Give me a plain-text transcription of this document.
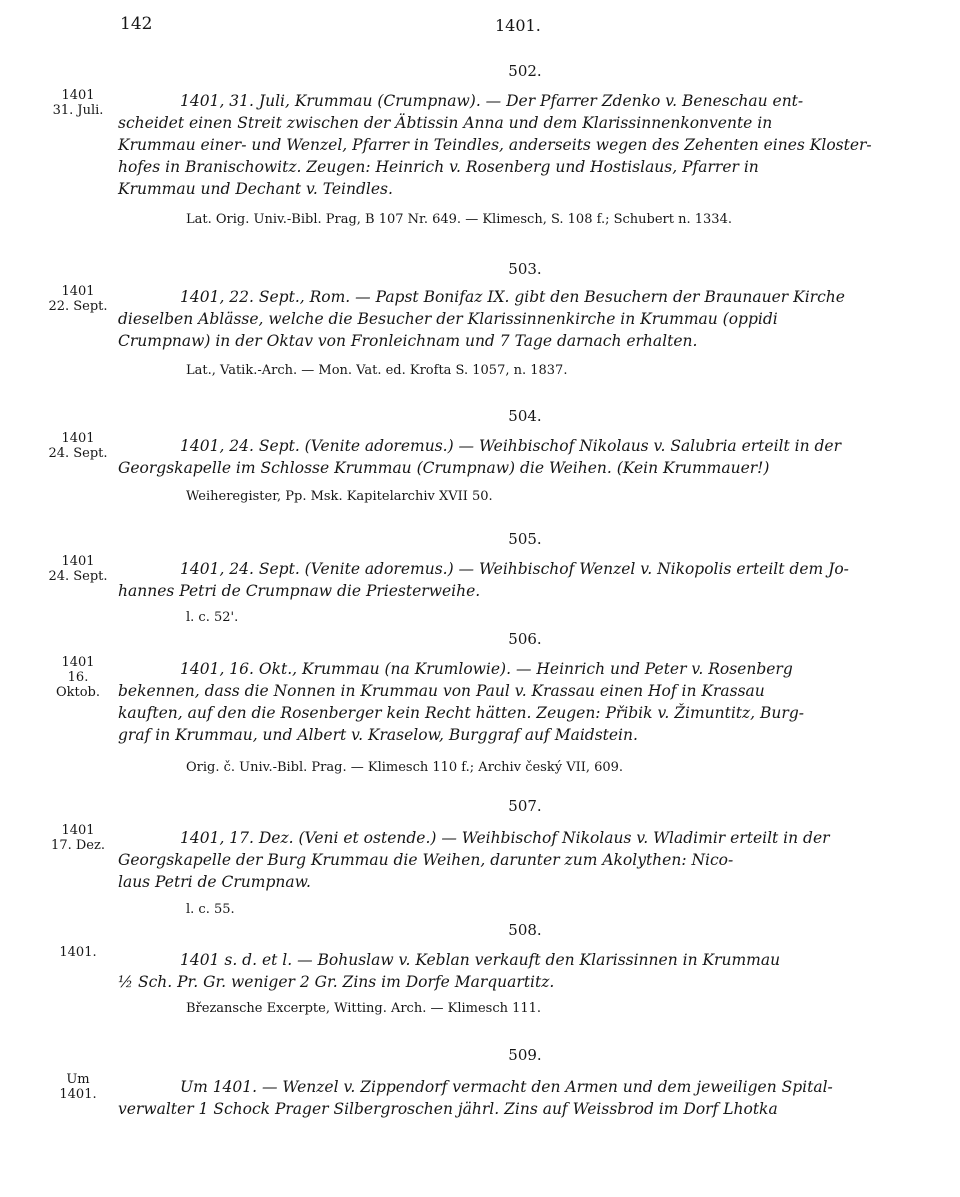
142	1401.
502.
1401
31. Juli.
1401, 31. Juli, Krummau (Crumpnaw). — Der Pfarrer Zdenko v. Beneschau ent-
scheidet einen Streit zwischen der Äbtissin Anna und dem Klarissinnenkonvente in
Krummau einer- und Wenzel, Pfarrer in Teindles, anderseits wegen des Zehenten eines Kloster-
hofes in Branischowitz. Zeugen: Heinrich v. Rosenberg und Hostislaus, Pfarrer in
Krummau und Dechant v. Teindles.
Lat. Orig. Univ.-Bibl. Prag, B 107 Nr. 649. — Klimesch, S. 108 f.; Schubert n. 1334.
503.
1401
22. Sept.
1401, 22. Sept., Rom. — Papst Bonifaz IX. gibt den Besuchern der Braunauer Kirche
dieselben Ablässe, welche die Besucher der Klarissinnenkirche in Krummau (oppidi
Crumpnaw) in der Oktav von Fronleichnam und 7 Tage darnach erhalten.
Lat., Vatik.-Arch. — Mon. Vat. ed. Krofta S. 1057, n. 1837.
504.
1401
24. Sept.	1401, 24. Sept. (Venite adoremus.) — Weihbischof Nikolaus v. Salubria erteilt in der
Georgskapelle im Schlosse Krummau (Crumpnaw) die Weihen. (Kein Krummauer!)
Weiheregister, Pp. Msk. Kapitelarchiv XVII 50.
505.
1401
24. Sept.	1401, 24. Sept. (Venite adoremus.) — Weihbischof Wenzel v. Nikopolis erteilt dem Jo-
hannes Petri de Crumpnaw die Priesterweihe.
l. c. 52'.
506.
1401
16. Oktob.
1401, 16. Okt., Krummau (na Krumlowie). — Heinrich und Peter v. Rosenberg
bekennen, dass die Nonnen in Krummau von Paul v. Krassau einen Hof in Krassau
kauften, auf den die Rosenberger kein Recht hätten. Zeugen: Přibik v. Žimuntitz, Burg-
graf in Krummau, und Albert v. Kraselow, Burggraf auf Maidstein.
Orig. č. Univ.-Bibl. Prag. — Klimesch 110 f.; Archiv český VII, 609.
507.
1401
17. Dez.	1401, 17. Dez. (Veni et ostende.) — Weihbischof Nikolaus v. Wladimir erteilt in der
Georgskapelle der Burg Krummau die Weihen, darunter zum Akolythen: Nico-
laus Petri de Crumpnaw.
l. c. 55.
508.
1401.	1401 s. d. et l. — Bohuslaw v. Keblan verkauft den Klarissinnen in Krummau
½ Sch. Pr. Gr. weniger 2 Gr. Zins im Dorfe Marquartitz.
Březansche Excerpte, Witting. Arch. — Klimesch 111.
509.
Um
1401.	Um 1401. — Wenzel v. Zippendorf vermacht den Armen und dem jeweiligen Spital-
verwalter 1 Schock Prager Silbergroschen jährl. Zins auf Weissbrod im Dorf Lhotka
